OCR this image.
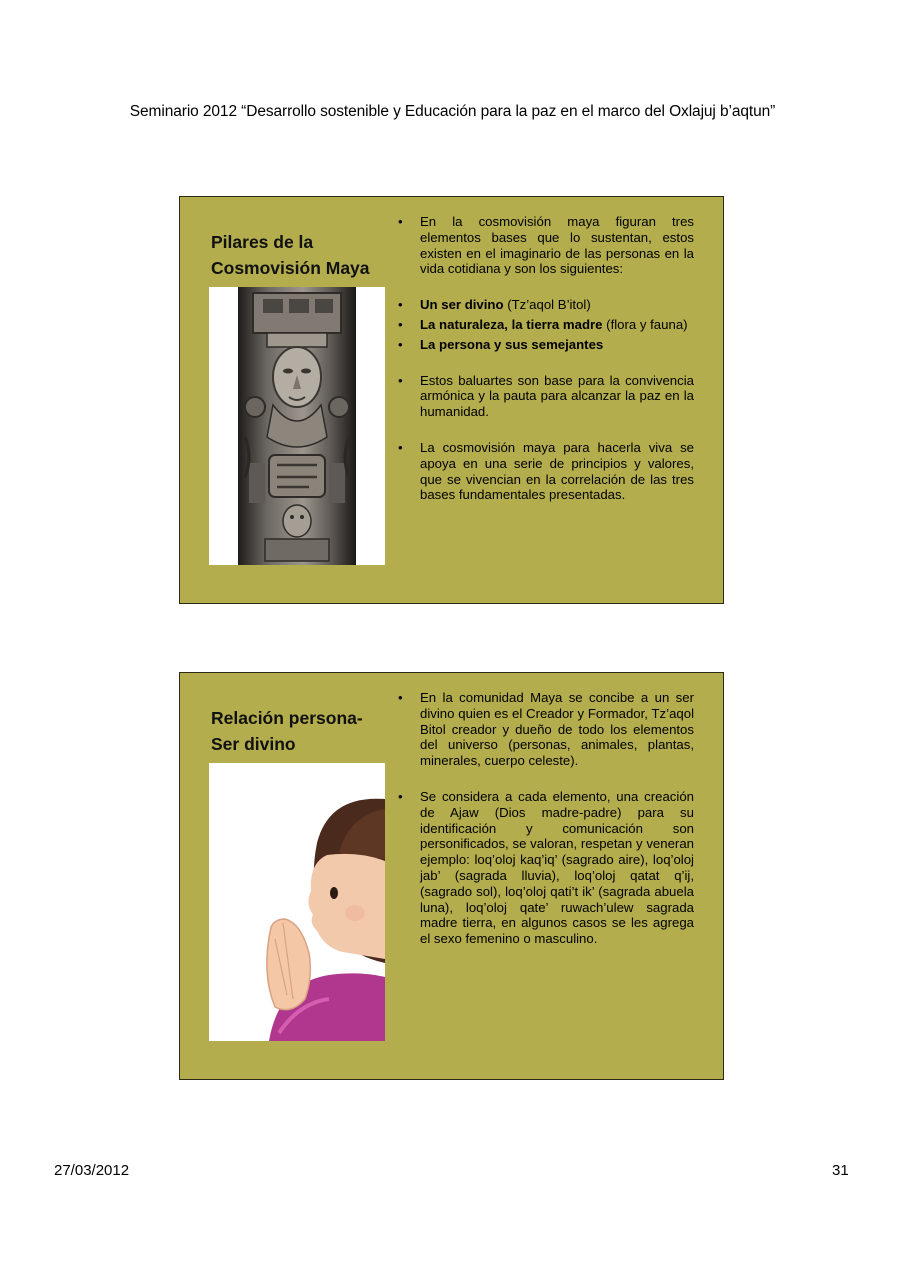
Seminario 2012 “Desarrollo sostenible y Educación para la paz en el marco del Oxlajuj b’aqtun”
Pilares de la
Cosmovisión Maya
• En la cosmovisión maya figuran tres elementos bases que lo sustentan, estos existen en el imaginario de las personas en la vida cotidiana y son los siguientes:
• Un ser divino (Tz’aqol B’itol)
• La naturaleza, la tierra madre (flora y fauna)
• La persona y sus semejantes
• Estos baluartes son base para la convivencia armónica y la pauta para alcanzar la paz en la humanidad.
• La cosmovisión maya para hacerla viva se apoya en una serie de principios y valores, que se vivencian en la correlación de las tres bases fundamentales presentadas.
Relación persona-
Ser divino
• En la comunidad Maya se concibe a un ser divino quien es el Creador y Formador, Tz’aqol Bitol creador y dueño de todo los elementos del universo (personas, animales, plantas, minerales, cuerpo celeste).
• Se considera a cada elemento, una creación de Ajaw (Dios madre-padre) para su identificación y comunicación son personificados, se valoran, respetan y veneran ejemplo: loq’oloj kaq’iq’ (sagrado aire), loq’oloj jab’ (sagrada lluvia), loq’oloj qatat q’ij, (sagrado sol), loq’oloj qati’t ik’ (sagrada abuela luna), loq’oloj qate’ ruwach’ulew sagrada madre tierra, en algunos casos se les agrega el sexo femenino o masculino.
27/03/2012	31
